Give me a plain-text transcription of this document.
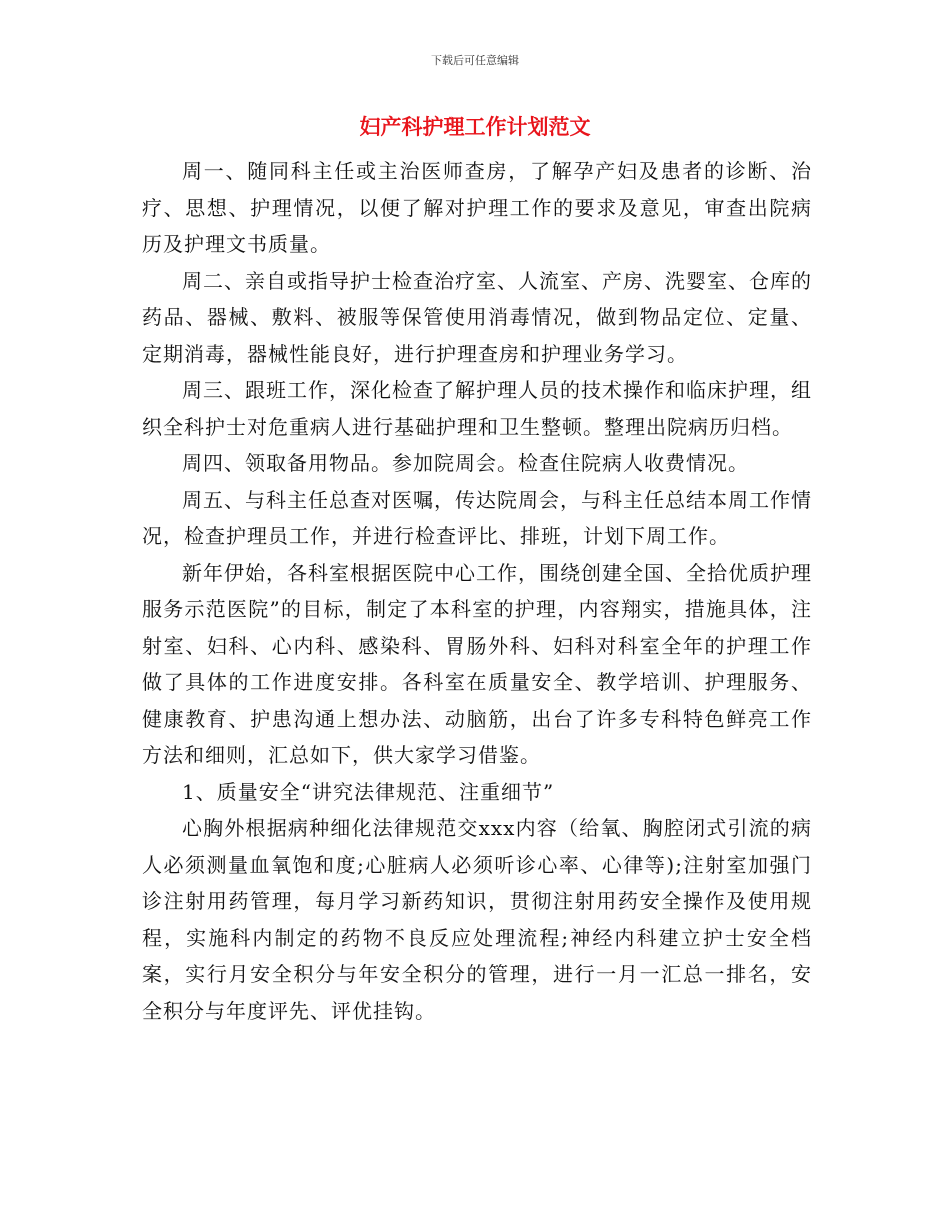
下载后可任意编辑
妇产科护理工作计划范文

周一、随同科主任或主治医师查房，了解孕产妇及患者的诊断、治疗、思想、护理情况，以便了解对护理工作的要求及意见，审查出院病历及护理文书质量。

周二、亲自或指导护士检查治疗室、人流室、产房、洗婴室、仓库的药品、器械、敷料、被服等保管使用消毒情况，做到物品定位、定量、定期消毒，器械性能良好，进行护理查房和护理业务学习。

周三、跟班工作，深化检查了解护理人员的技术操作和临床护理，组织全科护士对危重病人进行基础护理和卫生整顿。整理出院病历归档。

周四、领取备用物品。参加院周会。检查住院病人收费情况。

周五、与科主任总查对医嘱，传达院周会，与科主任总结本周工作情况，检查护理员工作，并进行检查评比、排班，计划下周工作。

新年伊始，各科室根据医院中心工作，围绕创建全国、全拾优质护理服务示范医院”的目标，制定了本科室的护理，内容翔实，措施具体，注射室、妇科、心内科、感染科、胃肠外科、妇科对科室全年的护理工作做了具体的工作进度安排。各科室在质量安全、教学培训、护理服务、健康教育、护患沟通上想办法、动脑筋，出台了许多专科特色鲜亮工作方法和细则，汇总如下，供大家学习借鉴。

1、质量安全“讲究法律规范、注重细节”

心胸外根据病种细化法律规范交xxx内容（给氧、胸腔闭式引流的病人必须测量血氧饱和度;心脏病人必须听诊心率、心律等);注射室加强门诊注射用药管理，每月学习新药知识，贯彻注射用药安全操作及使用规程，实施科内制定的药物不良反应处理流程;神经内科建立护士安全档案，实行月安全积分与年安全积分的管理，进行一月一汇总一排名，安全积分与年度评先、评优挂钩。
